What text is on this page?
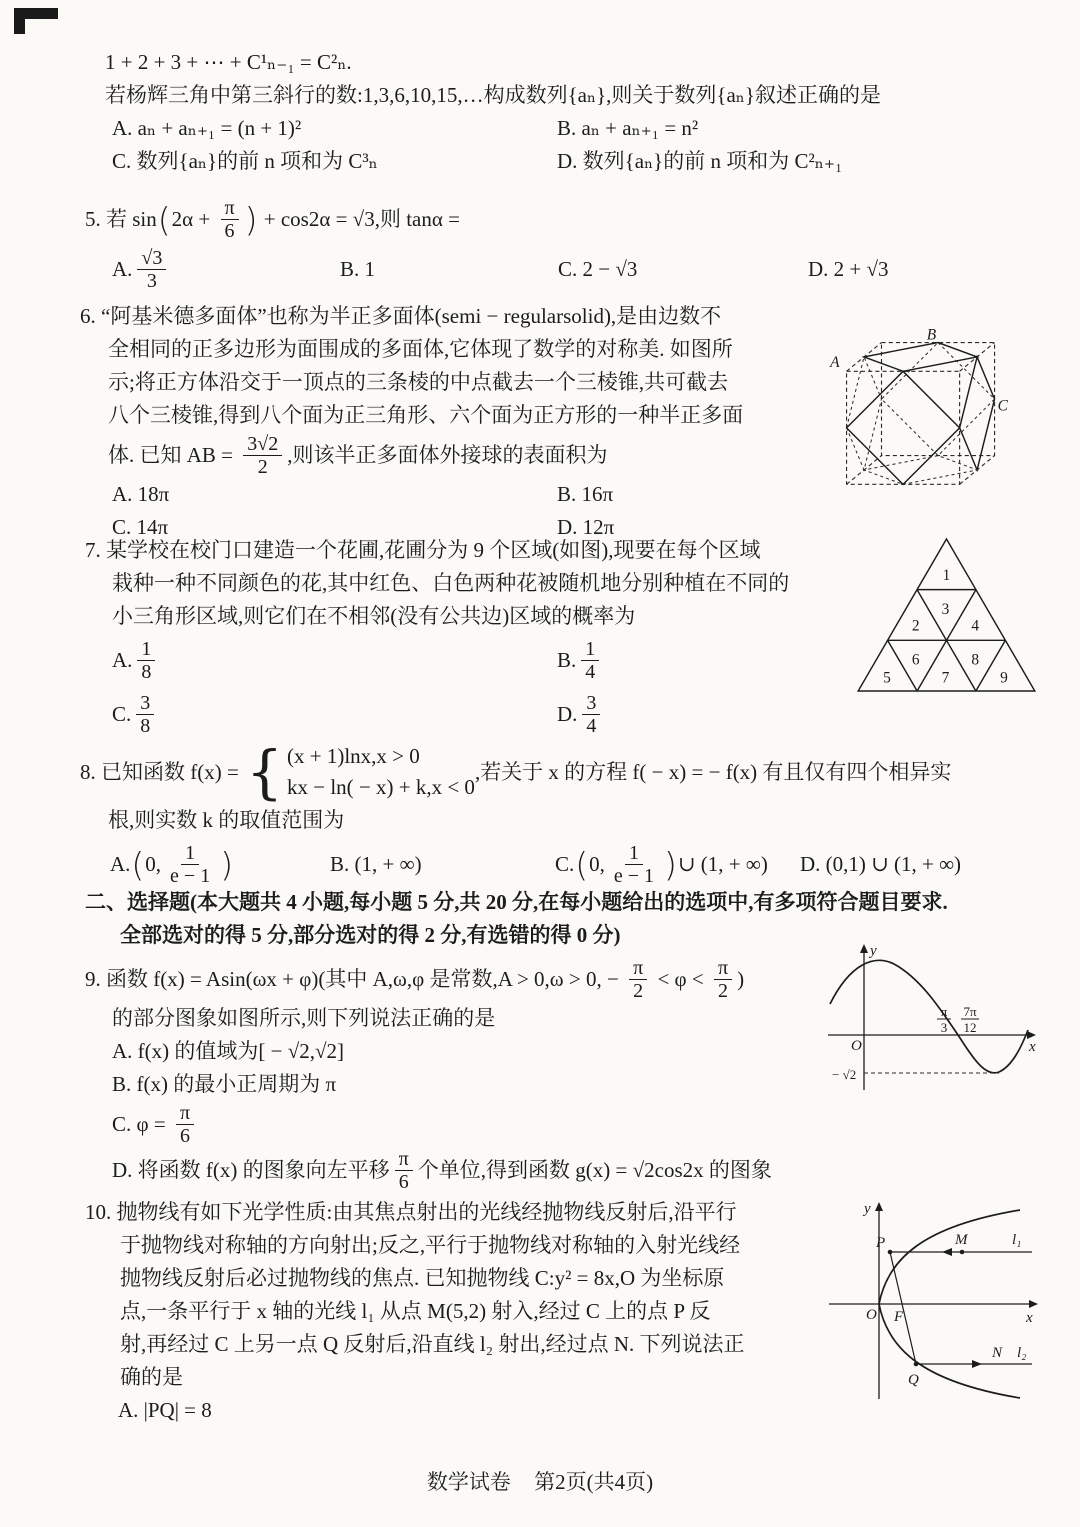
1 + 2 + 3 + ⋯ + C¹ₙ₋₁ = C²ₙ.
若杨辉三角中第三斜行的数:1,3,6,10,15,…构成数列{aₙ},则关于数列{aₙ}叙述正确的是
A. aₙ + aₙ₊₁ = (n + 1)²	B. aₙ + aₙ₊₁ = n²
C. 数列{aₙ}的前 n 项和为 C³ₙ	D. 数列{aₙ}的前 n 项和为 C²ₙ₊₁
5. 若 sin ( $2\alpha + \frac{\pi}{6}$ ) + cos2α = √3,则 tanα =
A. $\frac{√3}{3}$	B. 1	C. 2 − √3	D. 2 + √3
6. “阿基米德多面体”也称为半正多面体(semi − regularsolid),是由边数不
全相同的正多边形为面围成的多面体,它体现了数学的对称美. 如图所
示;将正方体沿交于一顶点的三条棱的中点截去一个三棱锥,共可截去
八个三棱锥,得到八个面为正三角形、六个面为正方形的一种半正多面
体. 已知 AB = $\frac{3√2}{2}$ ,则该半正多面体外接球的表面积为
A. 18π	B. 16π
C. 14π	D. 12π
A
B
C
7. 某学校在校门口建造一个花圃,花圃分为 9 个区域(如图),现要在每个区域
栽种一种不同颜色的花,其中红色、白色两种花被随机地分别种植在不同的
小三角形区域,则它们在不相邻(没有公共边)区域的概率为
A. $\frac{1}{8}$	B. $\frac{1}{4}$
C. $\frac{3}{8}$	D. $\frac{3}{4}$
1
2
3
4
5
6
7
8
9
8. 已知函数 f(x) = { (x + 1)lnx,x > 0
kx − ln( − x) + k,x < 0
,若关于 x 的方程 f( − x) = − f(x) 有且仅有四个相异实
根,则实数 k 的取值范围为
A. ( 0, $\frac{1}{e - 1}$ )	B. (1, + ∞)	C. ( 0, $\frac{1}{e - 1}$ ) ∪ (1, + ∞) D. (0,1) ∪ (1, + ∞)
二、选择题(本大题共 4 小题,每小题 5 分,共 20 分,在每小题给出的选项中,有多项符合题目要求.
全部选对的得 5 分,部分选对的得 2 分,有选错的得 0 分)
9. 函数 f(x) = Asin(ωx + φ)(其中 A,ω,φ 是常数,A > 0,ω > 0, − $\frac{\pi}{2} < \varphi < \frac{\pi}{2}$ )
的部分图象如图所示,则下列说法正确的是
A. f(x) 的值域为[ − √2,√2]
B. f(x) 的最小正周期为 π
C. $\varphi = \frac{\pi}{6}$
D. 将函数 f(x) 的图象向左平移 $\frac{\pi}{6}$ 个单位,得到函数 g(x) = √2cos2x 的图象
y
x
O
π
3
7π
12
− √2
10. 抛物线有如下光学性质:由其焦点射出的光线经抛物线反射后,沿平行
于抛物线对称轴的方向射出;反之,平行于抛物线对称轴的入射光线经
抛物线反射后必过抛物线的焦点. 已知抛物线 C:y² = 8x,O 为坐标原
点,一条平行于 x 轴的光线 l₁ 从点 M(5,2) 射入,经过 C 上的点 P 反
射,再经过 C 上另一点 Q 反射后,沿直线 l₂ 射出,经过点 N. 下列说法正
确的是
A. |PQ| = 8
y
x
O F
P	M	l₁
N l₂
Q
数学试卷 第2页(共4页)
